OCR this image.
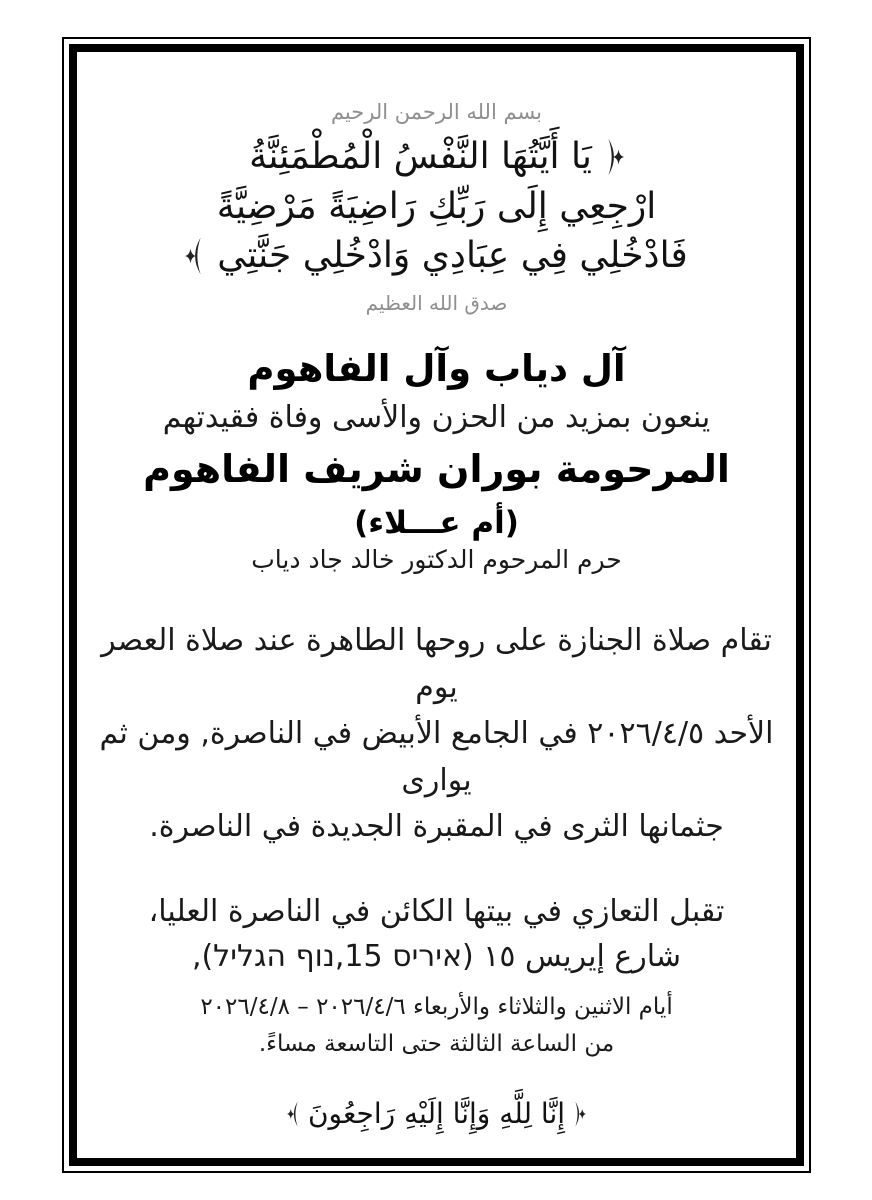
بسم الله الرحمن الرحيم
يَا أَيَّتُهَا النَّفْسُ الْمُطْمَئِنَّةُ
ارْجِعِي إِلَى رَبِّكِ رَاضِيَةً مَرْضِيَّةً
فَادْخُلِي فِي عِبَادِي وَادْخُلِي جَنَّتِي
صدق الله العظيم
آل دياب وآل الفاهوم
ينعون بمزيد من الحزن والأسى وفاة فقيدتهم
المرحومة بوران شريف الفاهوم
(أم عـــلاء)
حرم المرحوم الدكتور خالد جاد دياب
تقام صلاة الجنازة على روحها الطاهرة عند صلاة العصر يوم
الأحد ٢٠٢٦/٤/٥ في الجامع الأبيض في الناصرة, ومن ثم يوارى
جثمانها الثرى في المقبرة الجديدة في الناصرة.
تقبل التعازي في بيتها الكائن في الناصرة العليا،
شارع إيريس ١٥ (איריס 15,נוף הגליל),
أيام الاثنين والثلاثاء والأربعاء ٢٠٢٦/٤/٦ – ٢٠٢٦/٤/٨
من الساعة الثالثة حتى التاسعة مساءً.
إِنَّا لِلَّهِ وَإِنَّا إِلَيْهِ رَاجِعُونَ
